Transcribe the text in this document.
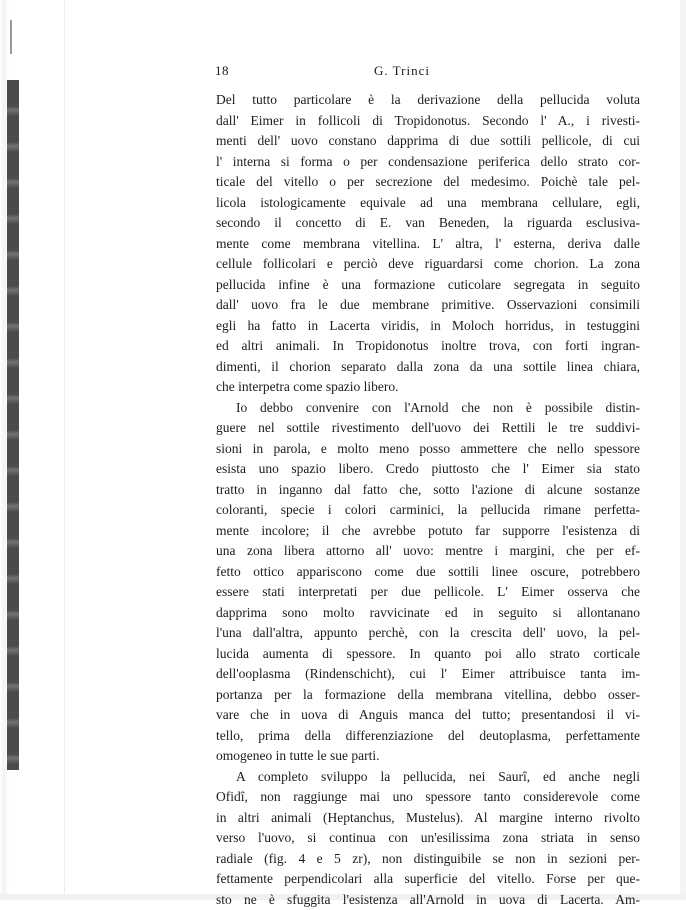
18	G. Trinci
Del tutto particolare è la derivazione della pellucida voluta
dall' Eimer in follicoli di Tropidonotus. Secondo l' A., i rivesti-
menti dell' uovo constano dapprima di due sottili pellicole, di cui
l' interna si forma o per condensazione periferica dello strato cor-
ticale del vitello o per secrezione del medesimo. Poichè tale pel-
licola istologicamente equivale ad una membrana cellulare, egli,
secondo il concetto di E. van Beneden, la riguarda esclusiva-
mente come membrana vitellina. L' altra, l' esterna, deriva dalle
cellule follicolari e perciò deve riguardarsi come chorion. La zona
pellucida infine è una formazione cuticolare segregata in seguito
dall' uovo fra le due membrane primitive. Osservazioni consimili
egli ha fatto in Lacerta viridis, in Moloch horridus, in testuggini
ed altri animali. In Tropidonotus inoltre trova, con forti ingran-
dimenti, il chorion separato dalla zona da una sottile linea chiara,
che interpetra come spazio libero.
Io debbo convenire con l'Arnold che non è possibile distin-
guere nel sottile rivestimento dell'uovo dei Rettili le tre suddivi-
sioni in parola, e molto meno posso ammettere che nello spessore
esista uno spazio libero. Credo piuttosto che l' Eimer sia stato
tratto in inganno dal fatto che, sotto l'azione di alcune sostanze
coloranti, specie i colori carminici, la pellucida rimane perfetta-
mente incolore; il che avrebbe potuto far supporre l'esistenza di
una zona libera attorno all' uovo: mentre i margini, che per ef-
fetto ottico appariscono come due sottili linee oscure, potrebbero
essere stati interpretati per due pellicole. L' Eimer osserva che
dapprima sono molto ravvicinate ed in seguito si allontanano
l'una dall'altra, appunto perchè, con la crescita dell' uovo, la pel-
lucida aumenta di spessore. In quanto poi allo strato corticale
dell'ooplasma (Rindenschicht), cui l' Eimer attribuisce tanta im-
portanza per la formazione della membrana vitellina, debbo osser-
vare che in uova di Anguis manca del tutto; presentandosi il vi-
tello, prima della differenziazione del deutoplasma, perfettamente
omogeneo in tutte le sue parti.
A completo sviluppo la pellucida, nei Saurî, ed anche negli
Ofidî, non raggiunge mai uno spessore tanto considerevole come
in altri animali (Heptanchus, Mustelus). Al margine interno rivolto
verso l'uovo, si continua con un'esilissima zona striata in senso
radiale (fig. 4 e 5 zr), non distinguibile se non in sezioni per-
fettamente perpendicolari alla superficie del vitello. Forse per que-
sto ne è sfuggita l'esistenza all'Arnold in uova di Lacerta. Am-
